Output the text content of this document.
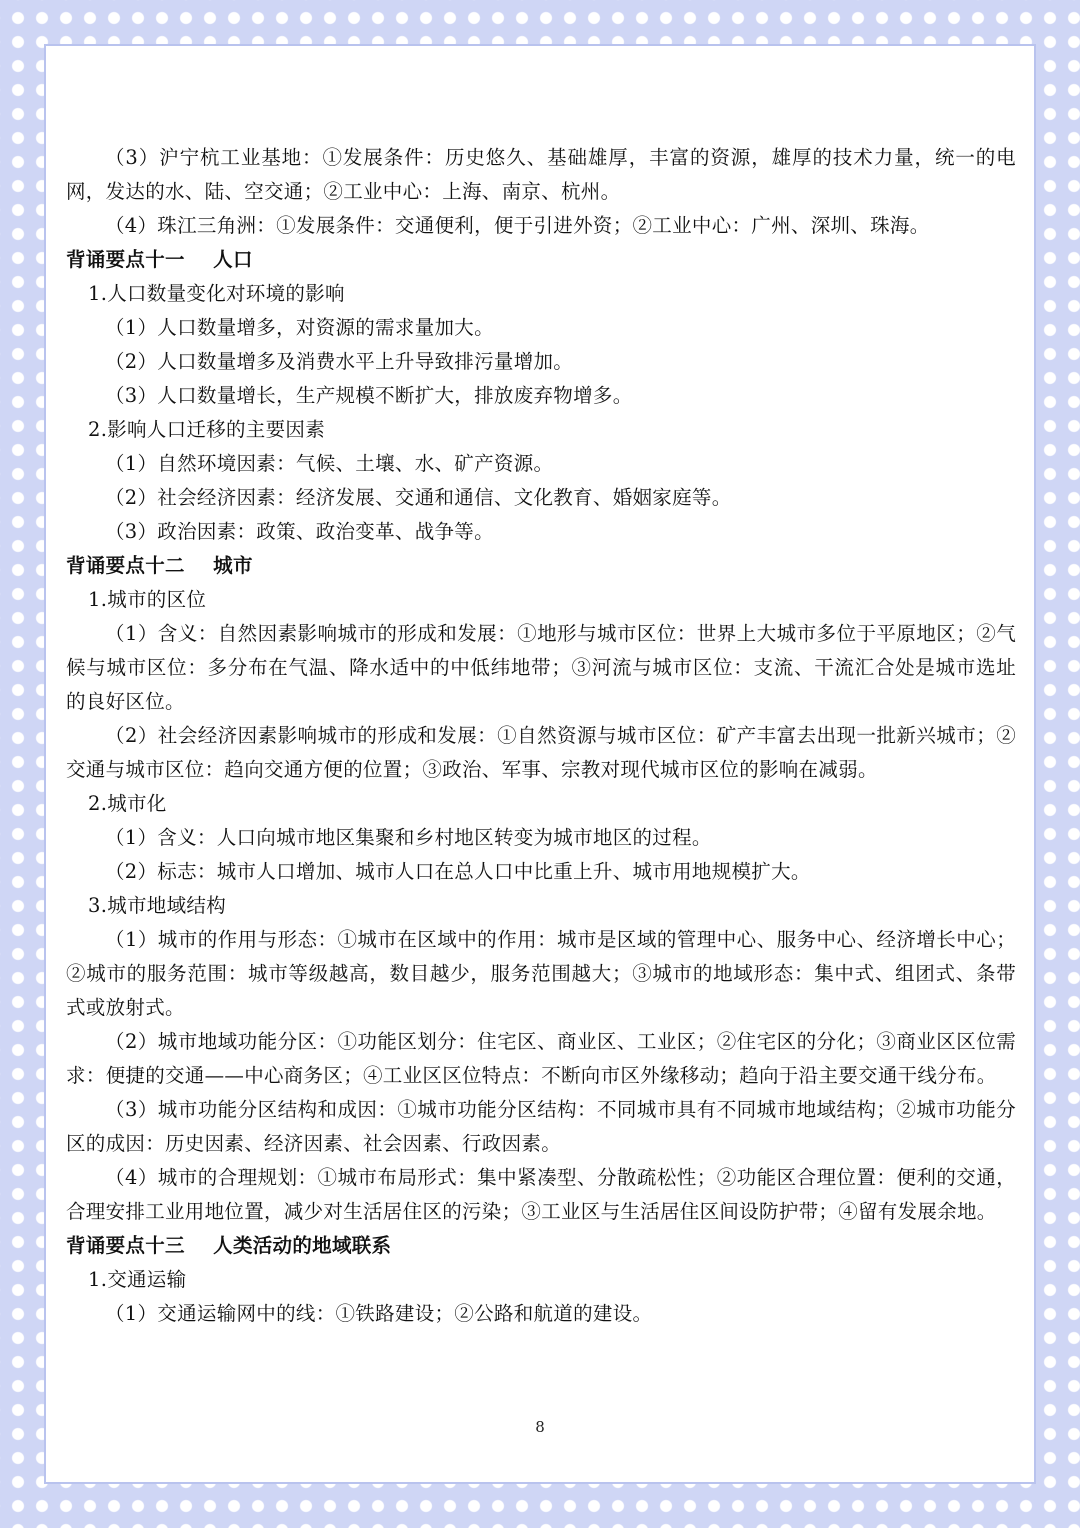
（3）沪宁杭工业基地：①发展条件：历史悠久、基础雄厚，丰富的资源，雄厚的技术力量，统一的电网，发达的水、陆、空交通；②工业中心：上海、南京、杭州。

（4）珠江三角洲：①发展条件：交通便利，便于引进外资；②工业中心：广州、深圳、珠海。

背诵要点十一    人口

1.人口数量变化对环境的影响

（1）人口数量增多，对资源的需求量加大。

（2）人口数量增多及消费水平上升导致排污量增加。

（3）人口数量增长，生产规模不断扩大，排放废弃物增多。

2.影响人口迁移的主要因素

（1）自然环境因素：气候、土壤、水、矿产资源。

（2）社会经济因素：经济发展、交通和通信、文化教育、婚姻家庭等。

（3）政治因素：政策、政治变革、战争等。

背诵要点十二    城市

1.城市的区位

（1）含义：自然因素影响城市的形成和发展：①地形与城市区位：世界上大城市多位于平原地区；②气候与城市区位：多分布在气温、降水适中的中低纬地带；③河流与城市区位：支流、干流汇合处是城市选址的良好区位。

（2）社会经济因素影响城市的形成和发展：①自然资源与城市区位：矿产丰富去出现一批新兴城市；②交通与城市区位：趋向交通方便的位置；③政治、军事、宗教对现代城市区位的影响在减弱。

2.城市化

（1）含义：人口向城市地区集聚和乡村地区转变为城市地区的过程。

（2）标志：城市人口增加、城市人口在总人口中比重上升、城市用地规模扩大。

3.城市地域结构

（1）城市的作用与形态：①城市在区域中的作用：城市是区域的管理中心、服务中心、经济增长中心；②城市的服务范围：城市等级越高，数目越少，服务范围越大；③城市的地域形态：集中式、组团式、条带式或放射式。

（2）城市地域功能分区：①功能区划分：住宅区、商业区、工业区；②住宅区的分化；③商业区区位需求：便捷的交通——中心商务区；④工业区区位特点：不断向市区外缘移动；趋向于沿主要交通干线分布。

（3）城市功能分区结构和成因：①城市功能分区结构：不同城市具有不同城市地域结构；②城市功能分区的成因：历史因素、经济因素、社会因素、行政因素。

（4）城市的合理规划：①城市布局形式：集中紧凑型、分散疏松性；②功能区合理位置：便利的交通，合理安排工业用地位置，减少对生活居住区的污染；③工业区与生活居住区间设防护带；④留有发展余地。

背诵要点十三    人类活动的地域联系

1.交通运输

（1）交通运输网中的线：①铁路建设；②公路和航道的建设。

8
